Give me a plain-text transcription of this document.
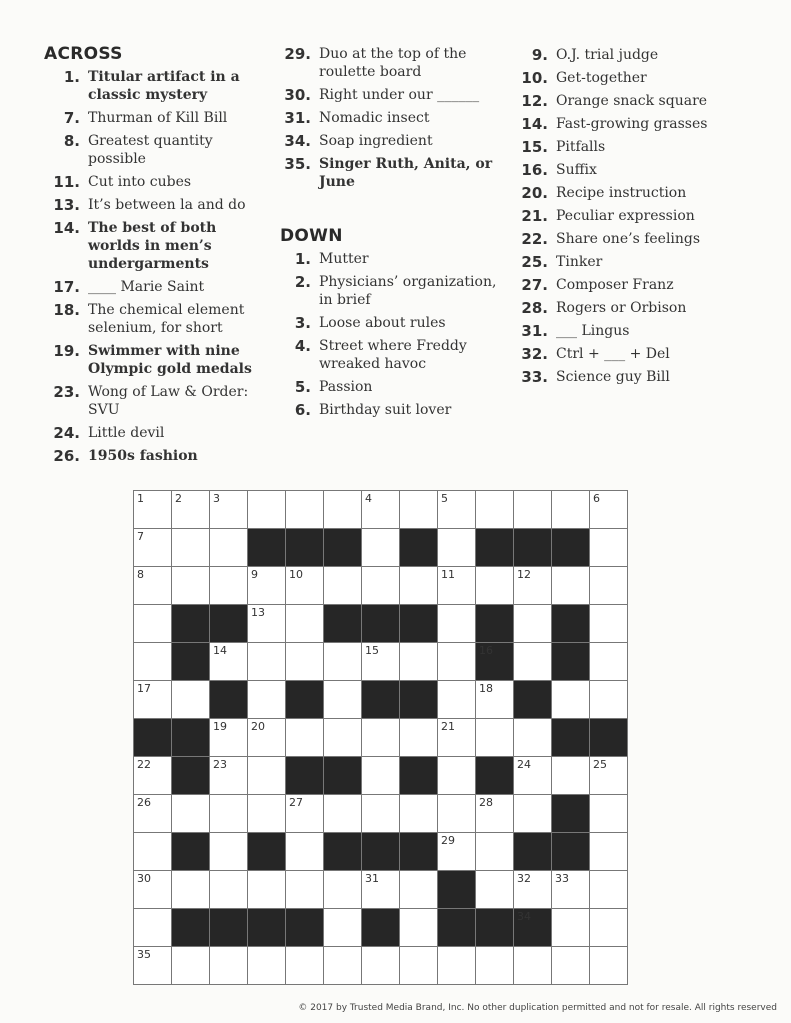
ACROSS
1. Titular artifact in a classic mystery
7. Thurman of Kill Bill
8. Greatest quantity possible
11. Cut into cubes
13. It’s between la and do
14. The best of both worlds in men’s undergarments
17. ____ Marie Saint
18. The chemical element selenium, for short
19. Swimmer with nine Olympic gold medals
23. Wong of Law & Order: SVU
24. Little devil
26. 1950s fashion
29. Duo at the top of the roulette board
30. Right under our ______
31. Nomadic insect
34. Soap ingredient
35. Singer Ruth, Anita, or June
DOWN
1. Mutter
2. Physicians’ organization, in brief
3. Loose about rules
4. Street where Freddy wreaked havoc
5. Passion
6. Birthday suit lover
9. O.J. trial judge
10. Get-together
12. Orange snack square
14. Fast-growing grasses
15. Pitfalls
16. Suffix
20. Recipe instruction
21. Peculiar expression
22. Share one’s feelings
25. Tinker
27. Composer Franz
28. Rogers or Orbison
31. ___ Lingus
32. Ctrl + ___ + Del
33. Science guy Bill
1	2	3	4	5	6
7
8	9	10	11	12
13
14	15	16
17	18
19 20	21
22	23	24	25
26	27	28
29
30	31	32 33
34
35
© 2017 by Trusted Media Brand, Inc. No other duplication permitted and not for resale. All rights reserved
